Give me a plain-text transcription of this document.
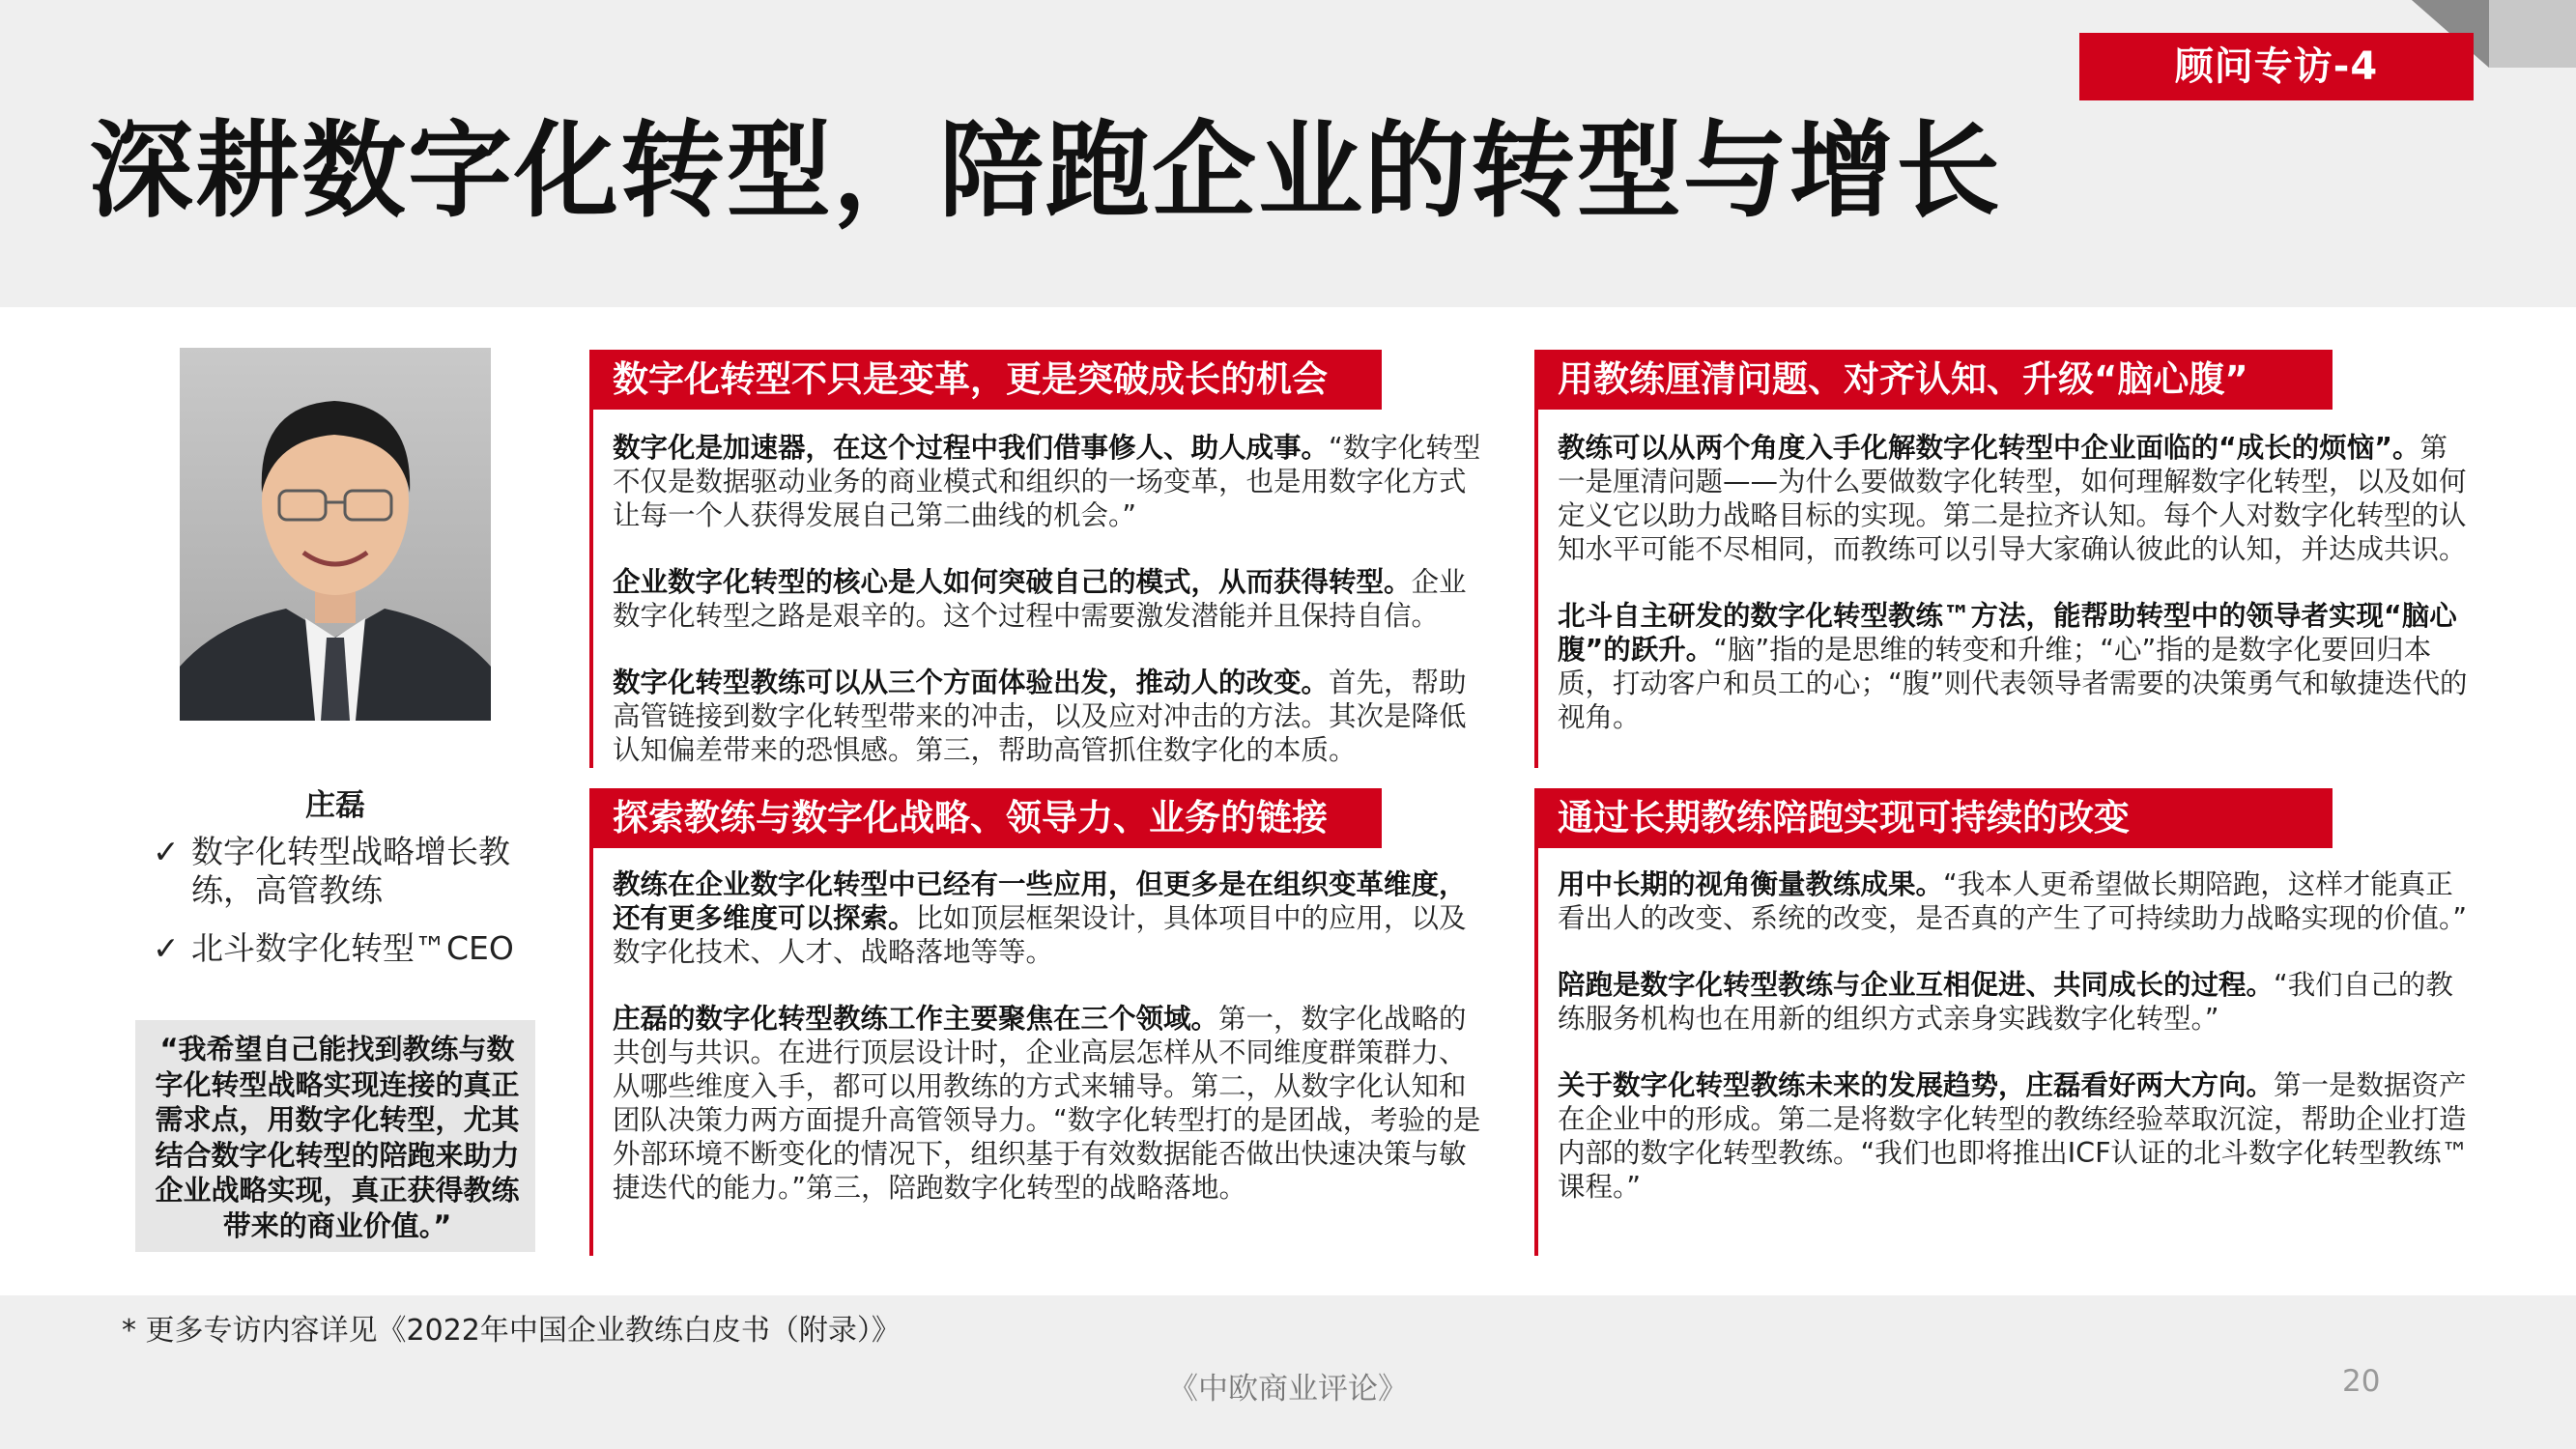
顾问专访-4
深耕数字化转型，陪跑企业的转型与增长
庄磊
✓ 数字化转型战略增长教练，高管教练
✓ 北斗数字化转型™CEO
“我希望自己能找到教练与数字化转型战略实现连接的真正需求点，用数字化转型，尤其结合数字化转型的陪跑来助力企业战略实现，真正获得教练带来的商业价值。”
数字化转型不只是变革，更是突破成长的机会

数字化是加速器，在这个过程中我们借事修人、助人成事。“数字化转型不仅是数据驱动业务的商业模式和组织的一场变革，也是用数字化方式让每一个人获得发展自己第二曲线的机会。”

企业数字化转型的核心是人如何突破自己的模式，从而获得转型。企业数字化转型之路是艰辛的。这个过程中需要激发潜能并且保持自信。

数字化转型教练可以从三个方面体验出发，推动人的改变。首先，帮助高管链接到数字化转型带来的冲击，以及应对冲击的方法。其次是降低认知偏差带来的恐惧感。第三，帮助高管抓住数字化的本质。

探索教练与数字化战略、领导力、业务的链接

教练在企业数字化转型中已经有一些应用，但更多是在组织变革维度，还有更多维度可以探索。比如顶层框架设计，具体项目中的应用，以及数字化技术、人才、战略落地等等。

庄磊的数字化转型教练工作主要聚焦在三个领域。第一，数字化战略的共创与共识。在进行顶层设计时，企业高层怎样从不同维度群策群力、从哪些维度入手，都可以用教练的方式来辅导。第二，从数字化认知和团队决策力两方面提升高管领导力。“数字化转型打的是团战，考验的是外部环境不断变化的情况下，组织基于有效数据能否做出快速决策与敏捷迭代的能力。”第三，陪跑数字化转型的战略落地。

用教练厘清问题、对齐认知、升级“脑心腹”

教练可以从两个角度入手化解数字化转型中企业面临的“成长的烦恼”。第一是厘清问题——为什么要做数字化转型，如何理解数字化转型，以及如何定义它以助力战略目标的实现。第二是拉齐认知。每个人对数字化转型的认知水平可能不尽相同，而教练可以引导大家确认彼此的认知，并达成共识。

北斗自主研发的数字化转型教练™方法，能帮助转型中的领导者实现“脑心腹”的跃升。“脑”指的是思维的转变和升维；“心”指的是数字化要回归本质，打动客户和员工的心；“腹”则代表领导者需要的决策勇气和敏捷迭代的视角。

通过长期教练陪跑实现可持续的改变

用中长期的视角衡量教练成果。“我本人更希望做长期陪跑，这样才能真正看出人的改变、系统的改变，是否真的产生了可持续助力战略实现的价值。”

陪跑是数字化转型教练与企业互相促进、共同成长的过程。“我们自己的教练服务机构也在用新的组织方式亲身实践数字化转型。”

关于数字化转型教练未来的发展趋势，庄磊看好两大方向。第一是数据资产在企业中的形成。第二是将数字化转型的教练经验萃取沉淀，帮助企业打造内部的数字化转型教练。“我们也即将推出ICF认证的北斗数字化转型教练™课程。”

* 更多专访内容详见《2022年中国企业教练白皮书（附录）》
《中欧商业评论》	20
